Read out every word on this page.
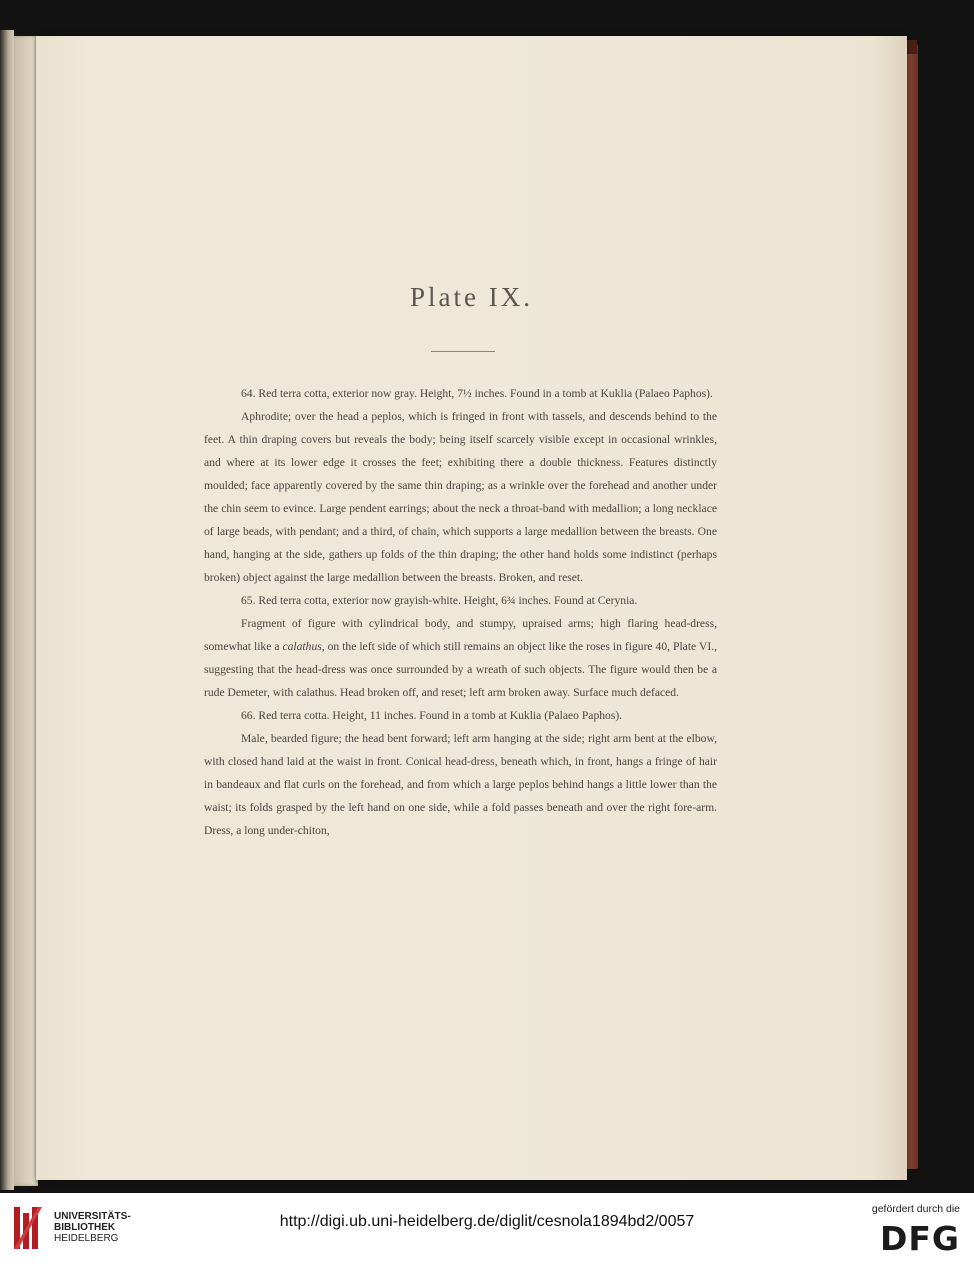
Plate IX.

64. Red terra cotta, exterior now gray. Height, 7½ inches. Found in a tomb at Kuklia (Palaeo Paphos).

Aphrodite; over the head a peplos, which is fringed in front with tassels, and descends behind to the feet. A thin draping covers but reveals the body; being itself scarcely visible except in occasional wrinkles, and where at its lower edge it crosses the feet; exhibiting there a double thickness. Features distinctly moulded; face apparently covered by the same thin draping; as a wrinkle over the forehead and another under the chin seem to evince. Large pendent earrings; about the neck a throat-band with medallion; a long necklace of large beads, with pendant; and a third, of chain, which supports a large medallion between the breasts. One hand, hanging at the side, gathers up folds of the thin draping; the other hand holds some indistinct (perhaps broken) object against the large medallion between the breasts. Broken, and reset.

65. Red terra cotta, exterior now grayish-white. Height, 6¾ inches. Found at Cerynia.

Fragment of figure with cylindrical body, and stumpy, upraised arms; high flaring head-dress, somewhat like a calathus, on the left side of which still remains an object like the roses in figure 40, Plate VI., suggesting that the head-dress was once surrounded by a wreath of such objects. The figure would then be a rude Demeter, with calathus. Head broken off, and reset; left arm broken away. Surface much defaced.

66. Red terra cotta. Height, 11 inches. Found in a tomb at Kuklia (Palaeo Paphos).

Male, bearded figure; the head bent forward; left arm hanging at the side; right arm bent at the elbow, with closed hand laid at the waist in front. Conical head-dress, beneath which, in front, hangs a fringe of hair in bandeaux and flat curls on the forehead, and from which a large peplos behind hangs a little lower than the waist; its folds grasped by the left hand on one side, while a fold passes beneath and over the right fore-arm. Dress, a long under-chiton,

UNIVERSITÄTS-
BIBLIOTHEK
HEIDELBERG
http://digi.ub.uni-heidelberg.de/diglit/cesnola1894bd2/0057
gefördert durch die
DFG
